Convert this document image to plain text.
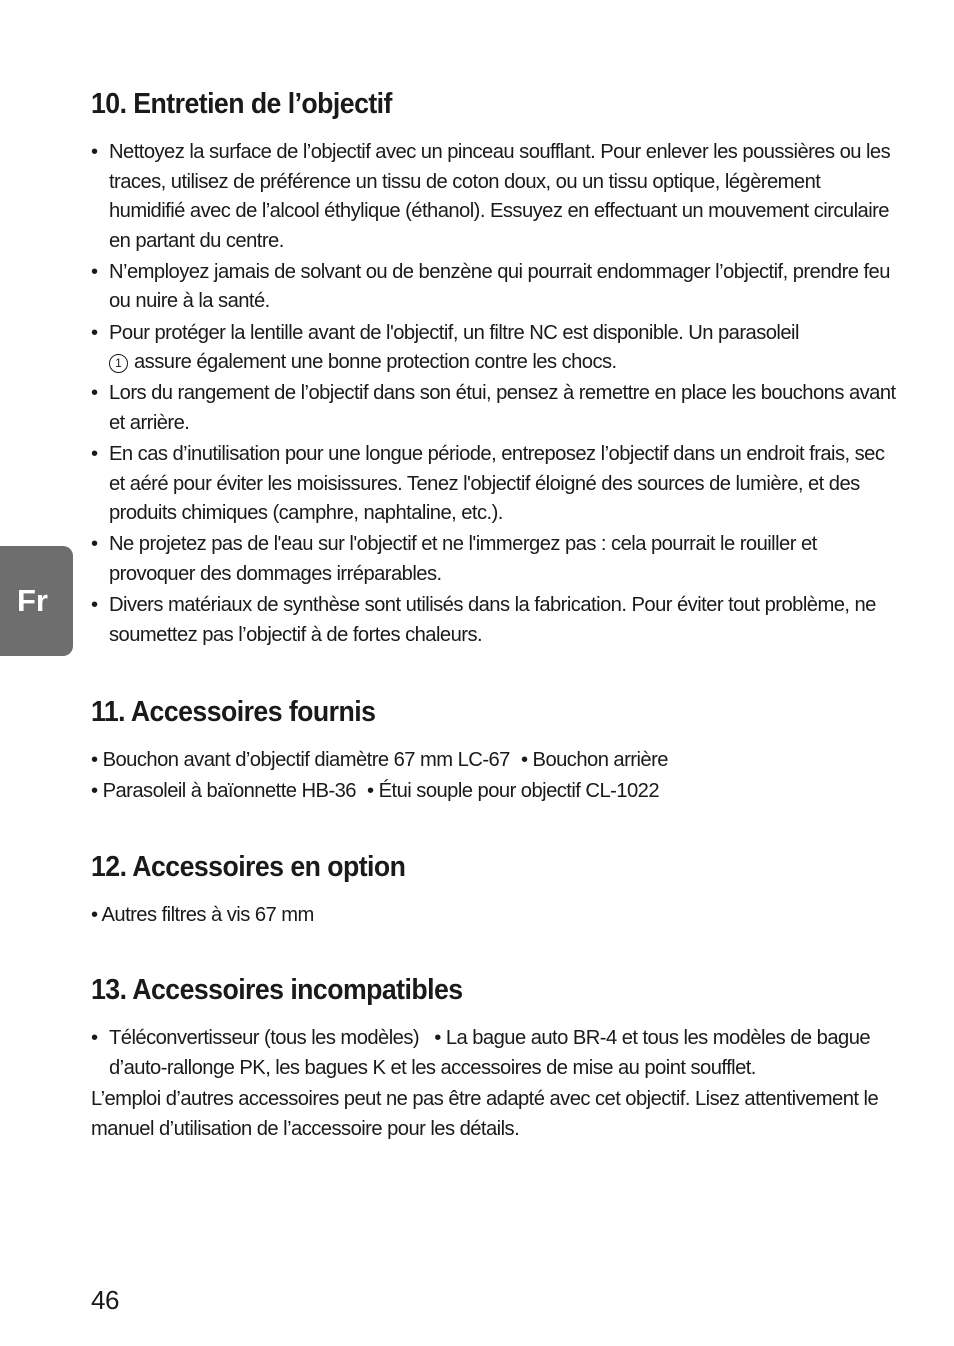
Fr
10. Entretien de l’objectif
• Nettoyez la surface de l’objectif avec un pinceau soufflant. Pour enlever les poussières ou les traces, utilisez de préférence un tissu de coton doux, ou un tissu optique, légèrement humidifié avec de l’alcool éthylique (éthanol). Essuyez en effectuant un mouvement circulaire en partant du centre.
• N’employez jamais de solvant ou de benzène qui pourrait endommager l’objectif, prendre feu ou nuire à la santé.
• Pour protéger la lentille avant de l'objectif, un filtre NC est disponible. Un parasoleil
1 assure également une bonne protection contre les chocs.
• Lors du rangement de l’objectif dans son étui, pensez à remettre en place les bouchons avant et arrière.
• En cas d’inutilisation pour une longue période, entreposez l’objectif dans un endroit frais, sec et aéré pour éviter les moisissures. Tenez l'objectif éloigné des sources de lumière, et des produits chimiques (camphre, naphtaline, etc.).
• Ne projetez pas de l'eau sur l'objectif et ne l'immergez pas : cela pourrait le rouiller et provoquer des dommages irréparables.
• Divers matériaux de synthèse sont utilisés dans la fabrication. Pour éviter tout problème, ne soumettez pas l’objectif à de fortes chaleurs.
11. Accessoires fournis
• Bouchon avant d’objectif diamètre 67 mm LC-67 • Bouchon arrière
• Parasoleil à baïonnette HB-36 • Étui souple pour objectif CL-1022
12. Accessoires en option
• Autres filtres à vis 67 mm
13. Accessoires incompatibles
• Téléconvertisseur (tous les modèles) • La bague auto BR-4 et tous les modèles de bague d’auto-rallonge PK, les bagues K et les accessoires de mise au point soufflet.

L’emploi d’autres accessoires peut ne pas être adapté avec cet objectif. Lisez attentivement le manuel d’utilisation de l’accessoire pour les détails.

46
